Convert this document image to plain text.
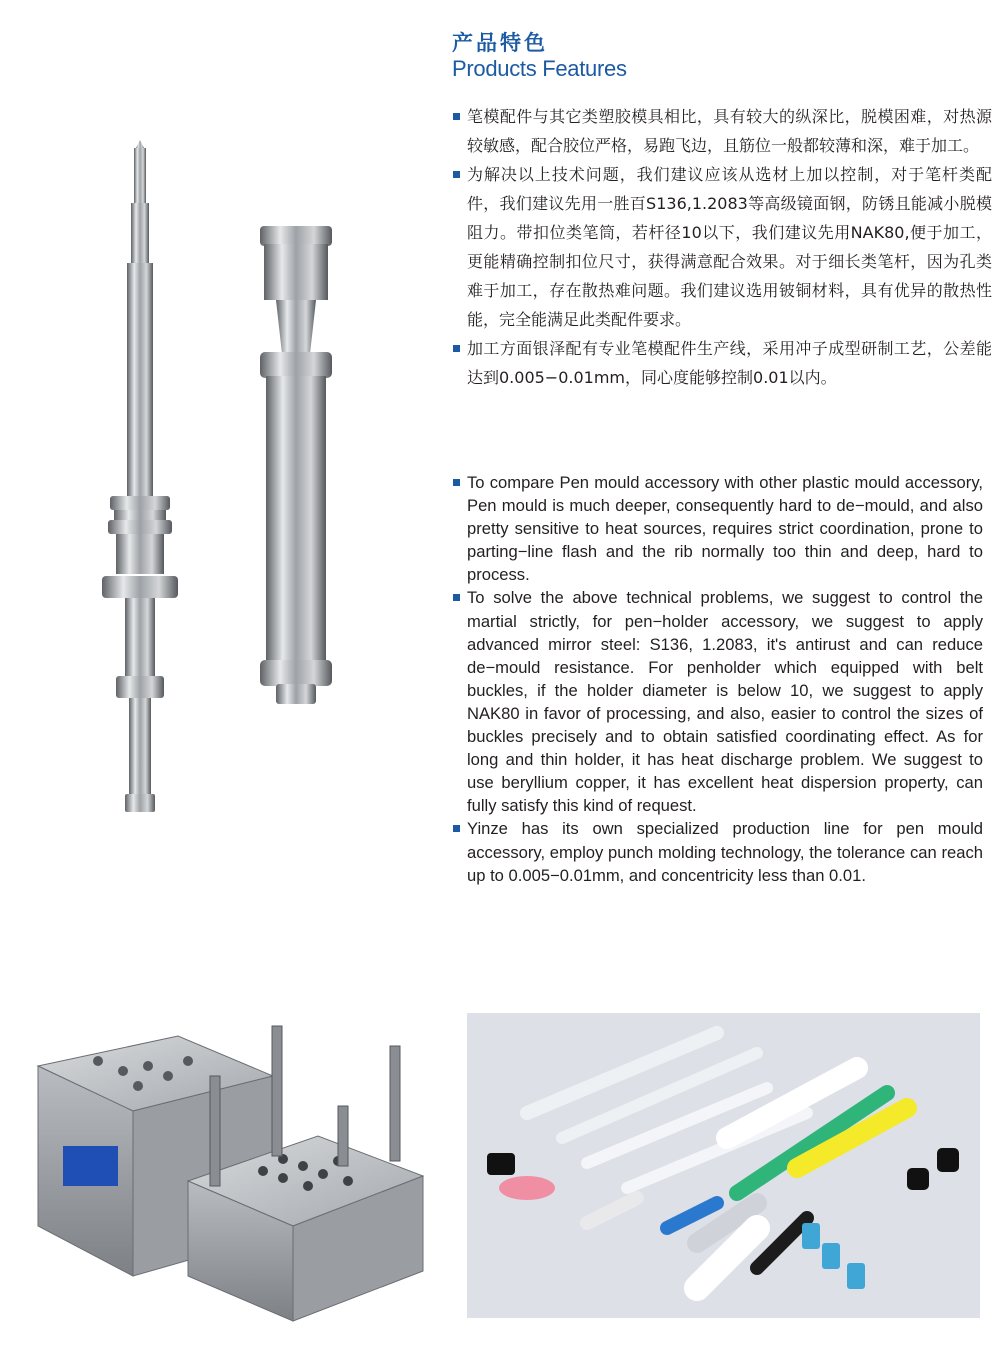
产品特色
Products Features
笔模配件与其它类塑胶模具相比，具有较大的纵深比，脱模困难，对热源较敏感，配合胶位严格，易跑飞边，且筋位一般都较薄和深，难于加工。
为解决以上技术问题，我们建议应该从选材上加以控制，对于笔杆类配件，我们建议先用一胜百S136,1.2083等高级镜面钢，防锈且能减小脱模阻力。带扣位类笔筒，若杆径10以下，我们建议先用NAK80,便于加工，更能精确控制扣位尺寸，获得满意配合效果。对于细长类笔杆，因为孔类难于加工，存在散热难问题。我们建议选用铍铜材料，具有优异的散热性能，完全能满足此类配件要求。
加工方面银泽配有专业笔模配件生产线，采用冲子成型研制工艺，公差能达到0.005−0.01mm，同心度能够控制0.01以内。
To compare Pen mould accessory with other plastic mould accessory, Pen mould is much deeper, consequently hard to de−mould, and also pretty sensitive to heat sources, requires strict coordination, prone to parting−line flash and the rib normally too thin and deep, hard to process.
To solve the above technical problems, we suggest to control the martial strictly, for pen−holder accessory, we suggest to apply advanced mirror steel: S136, 1.2083, it's antirust and can reduce de−mould resistance. For penholder which equipped with belt buckles, if the holder diameter is below 10, we suggest to apply NAK80 in favor of processing, and also, easier to control the sizes of buckles precisely and to obtain satisfied coordinating effect. As for long and thin holder, it has heat discharge problem. We suggest to use beryllium copper, it has excellent heat dispersion property, can fully satisfy this kind of request.
Yinze has its own specialized production line for pen mould accessory, employ punch molding technology, the tolerance can reach up to 0.005−0.01mm, and concentricity less than 0.01.
